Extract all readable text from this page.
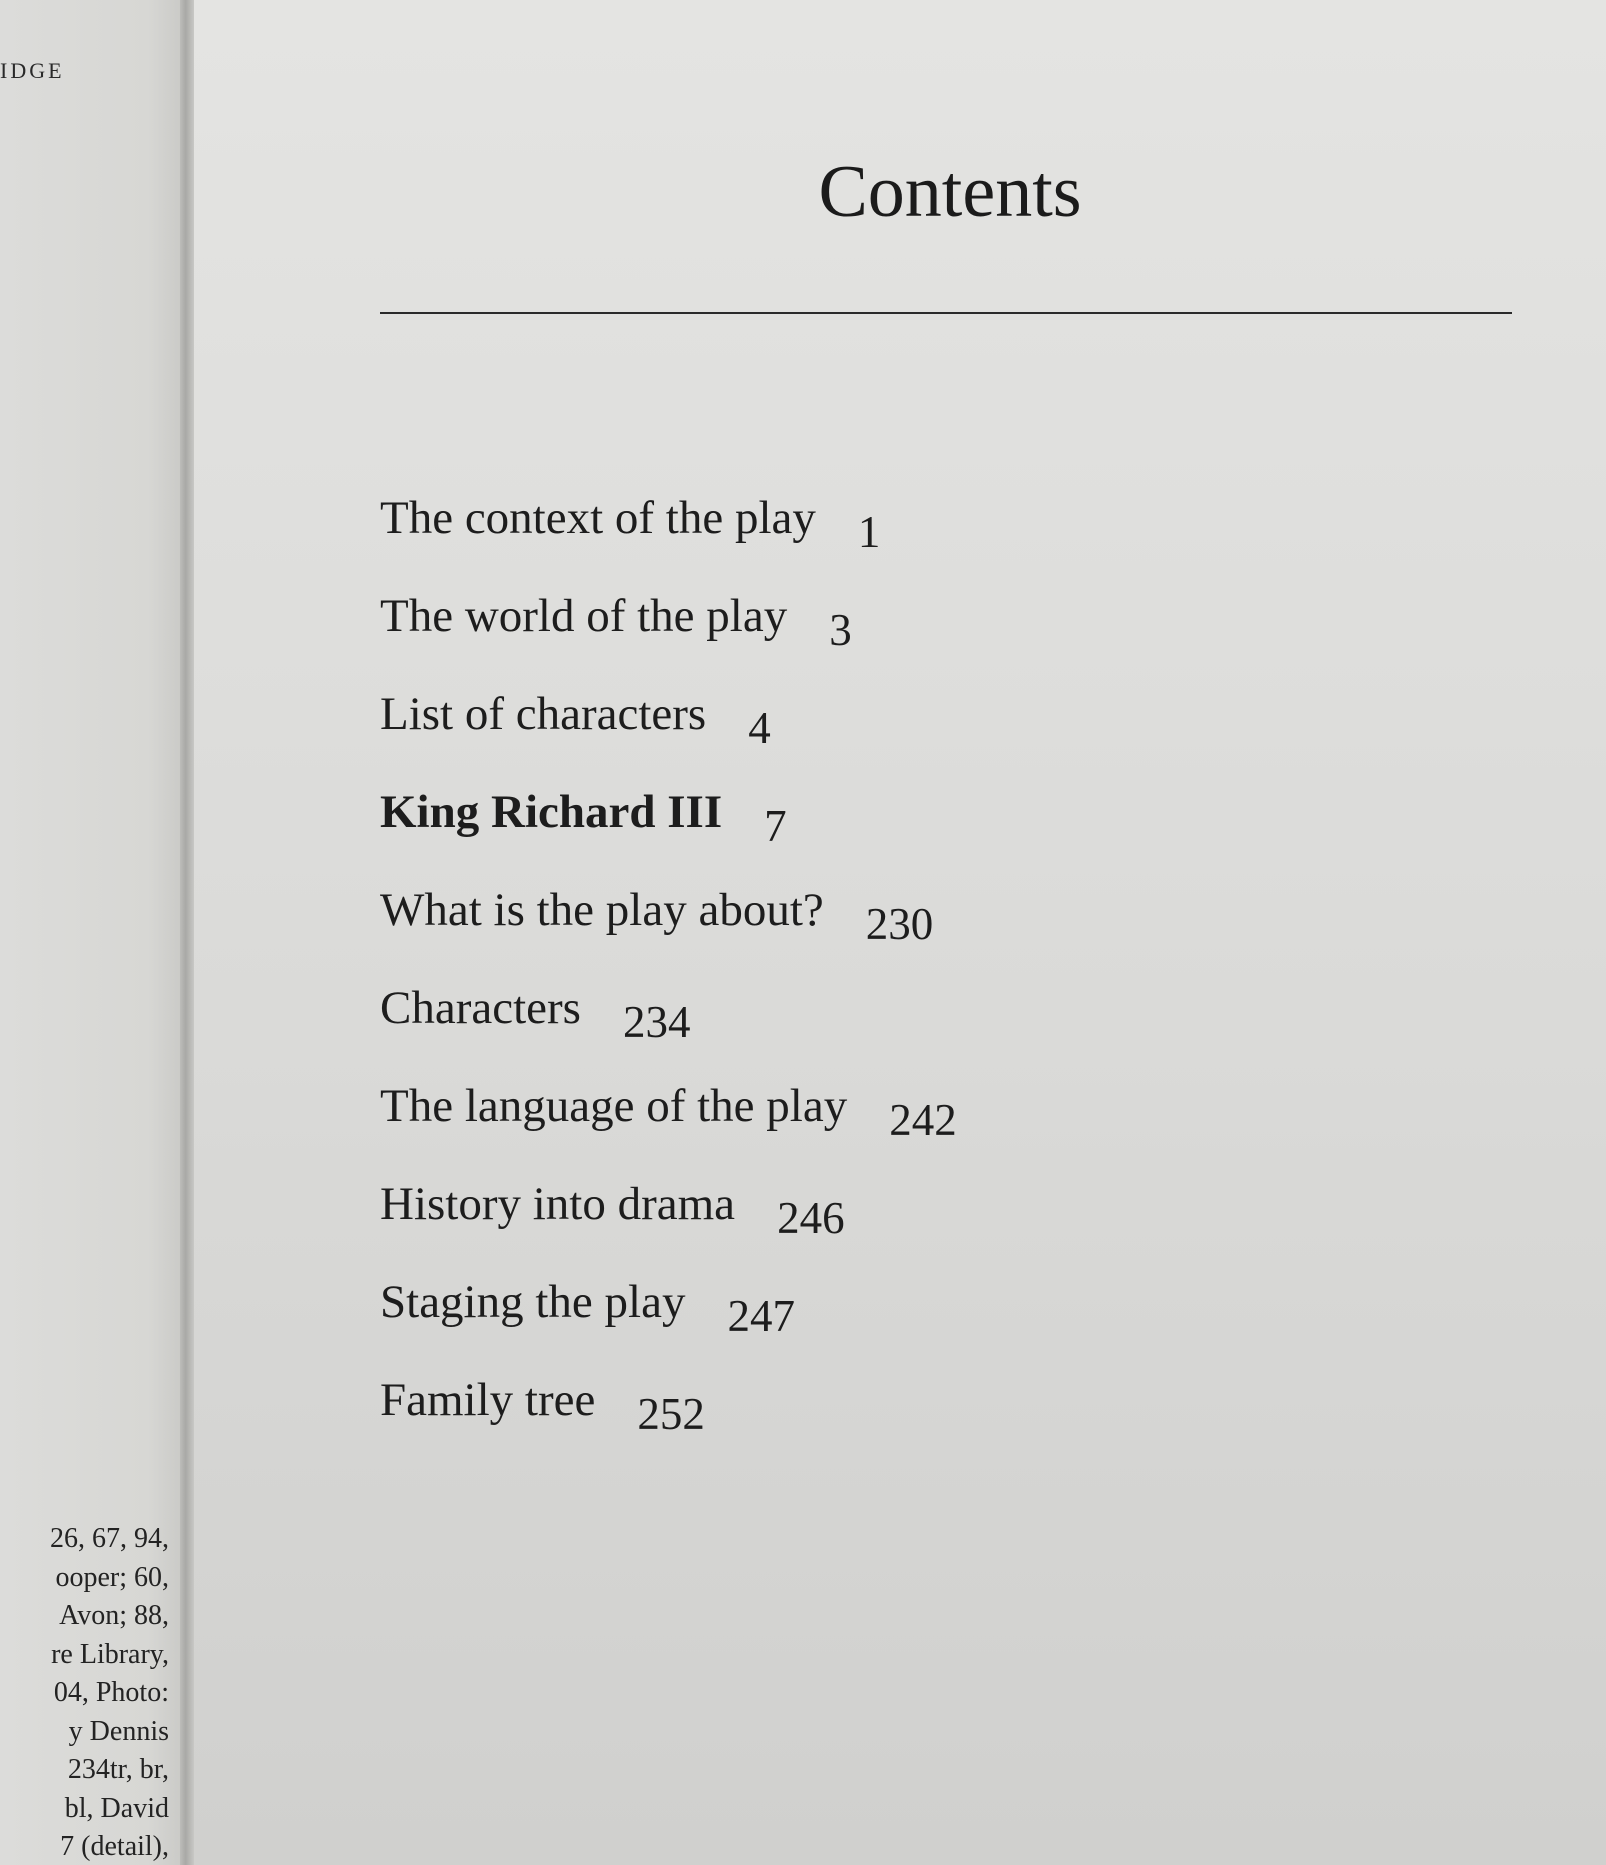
IDGE
26, 67, 94,
ooper; 60,
Avon; 88,
re Library,
04, Photo:
y Dennis
234tr, br,
bl, David
7 (detail),
Contents
The context of the play 1
The world of the play 3
List of characters 4
King Richard III 7
What is the play about? 230
Characters 234
The language of the play 242
History into drama 246
Staging the play 247
Family tree 252
